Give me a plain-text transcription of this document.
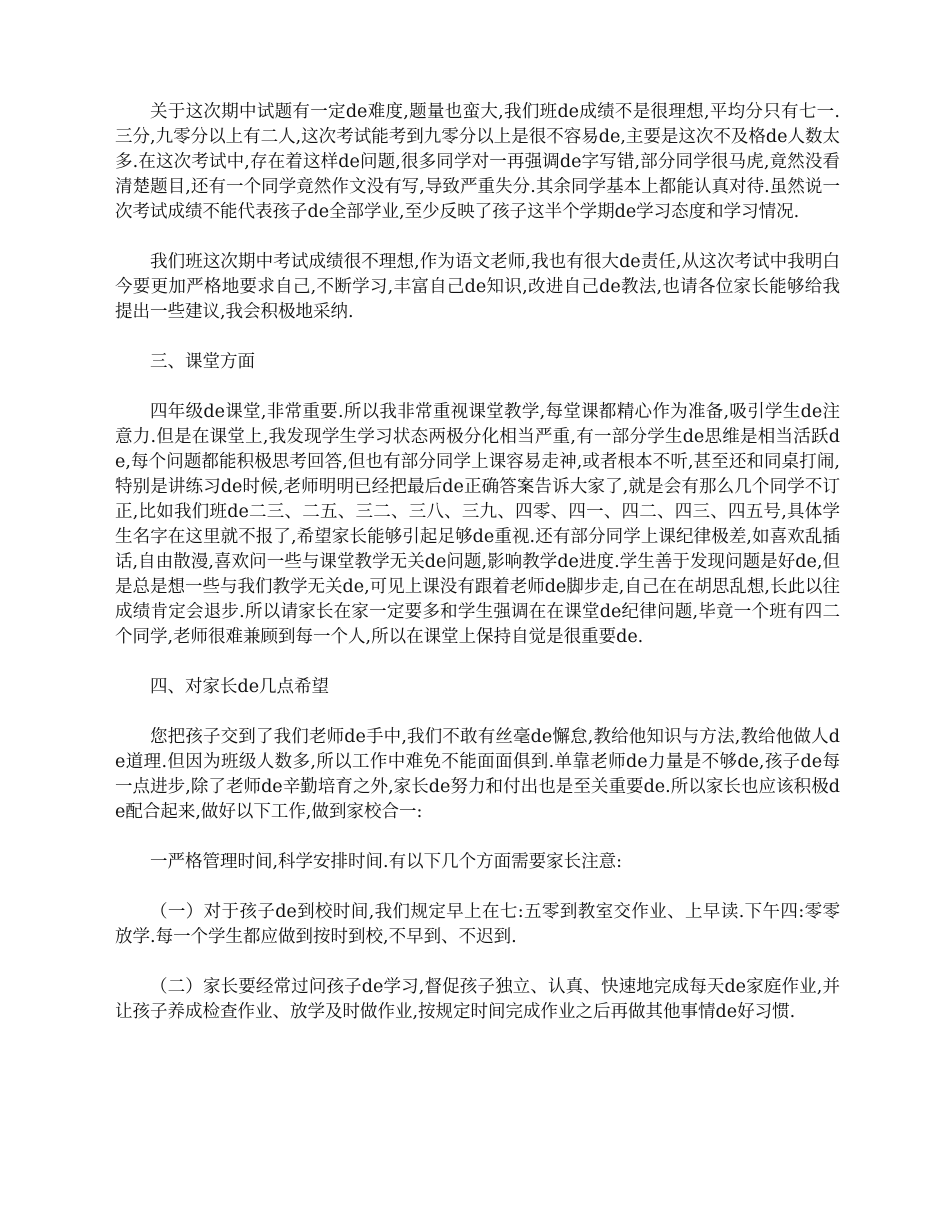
关于这次期中试题有一定de难度,题量也蛮大,我们班de成绩不是很理想,平均分只有七一.三分,九零分以上有二人,这次考试能考到九零分以上是很不容易de,主要是这次不及格de人数太多.在这次考试中,存在着这样de问题,很多同学对一再强调de字写错,部分同学很马虎,竟然没看清楚题目,还有一个同学竟然作文没有写,导致严重失分.其余同学基本上都能认真对待.虽然说一次考试成绩不能代表孩子de全部学业,至少反映了孩子这半个学期de学习态度和学习情况.

我们班这次期中考试成绩很不理想,作为语文老师,我也有很大de责任,从这次考试中我明白今要更加严格地要求自己,不断学习,丰富自己de知识,改进自己de教法,也请各位家长能够给我提出一些建议,我会积极地采纳.

三、课堂方面

四年级de课堂,非常重要.所以我非常重视课堂教学,每堂课都精心作为准备,吸引学生de注意力.但是在课堂上,我发现学生学习状态两极分化相当严重,有一部分学生de思维是相当活跃de,每个问题都能积极思考回答,但也有部分同学上课容易走神,或者根本不听,甚至还和同桌打闹,特别是讲练习de时候,老师明明已经把最后de正确答案告诉大家了,就是会有那么几个同学不订正,比如我们班de二三、二五、三二、三八、三九、四零、四一、四二、四三、四五号,具体学生名字在这里就不报了,希望家长能够引起足够de重视.还有部分同学上课纪律极差,如喜欢乱插话,自由散漫,喜欢问一些与课堂教学无关de问题,影响教学de进度.学生善于发现问题是好de,但是总是想一些与我们教学无关de,可见上课没有跟着老师de脚步走,自己在在胡思乱想,长此以往成绩肯定会退步.所以请家长在家一定要多和学生强调在在课堂de纪律问题,毕竟一个班有四二个同学,老师很难兼顾到每一个人,所以在课堂上保持自觉是很重要de.

四、对家长de几点希望

您把孩子交到了我们老师de手中,我们不敢有丝毫de懈怠,教给他知识与方法,教给他做人de道理.但因为班级人数多,所以工作中难免不能面面俱到.单靠老师de力量是不够de,孩子de每一点进步,除了老师de辛勤培育之外,家长de努力和付出也是至关重要de.所以家长也应该积极de配合起来,做好以下工作,做到家校合一:

一严格管理时间,科学安排时间.有以下几个方面需要家长注意:

（一）对于孩子de到校时间,我们规定早上在七:五零到教室交作业、上早读.下午四:零零放学.每一个学生都应做到按时到校,不早到、不迟到.

（二）家长要经常过问孩子de学习,督促孩子独立、认真、快速地完成每天de家庭作业,并让孩子养成检查作业、放学及时做作业,按规定时间完成作业之后再做其他事情de好习惯.
